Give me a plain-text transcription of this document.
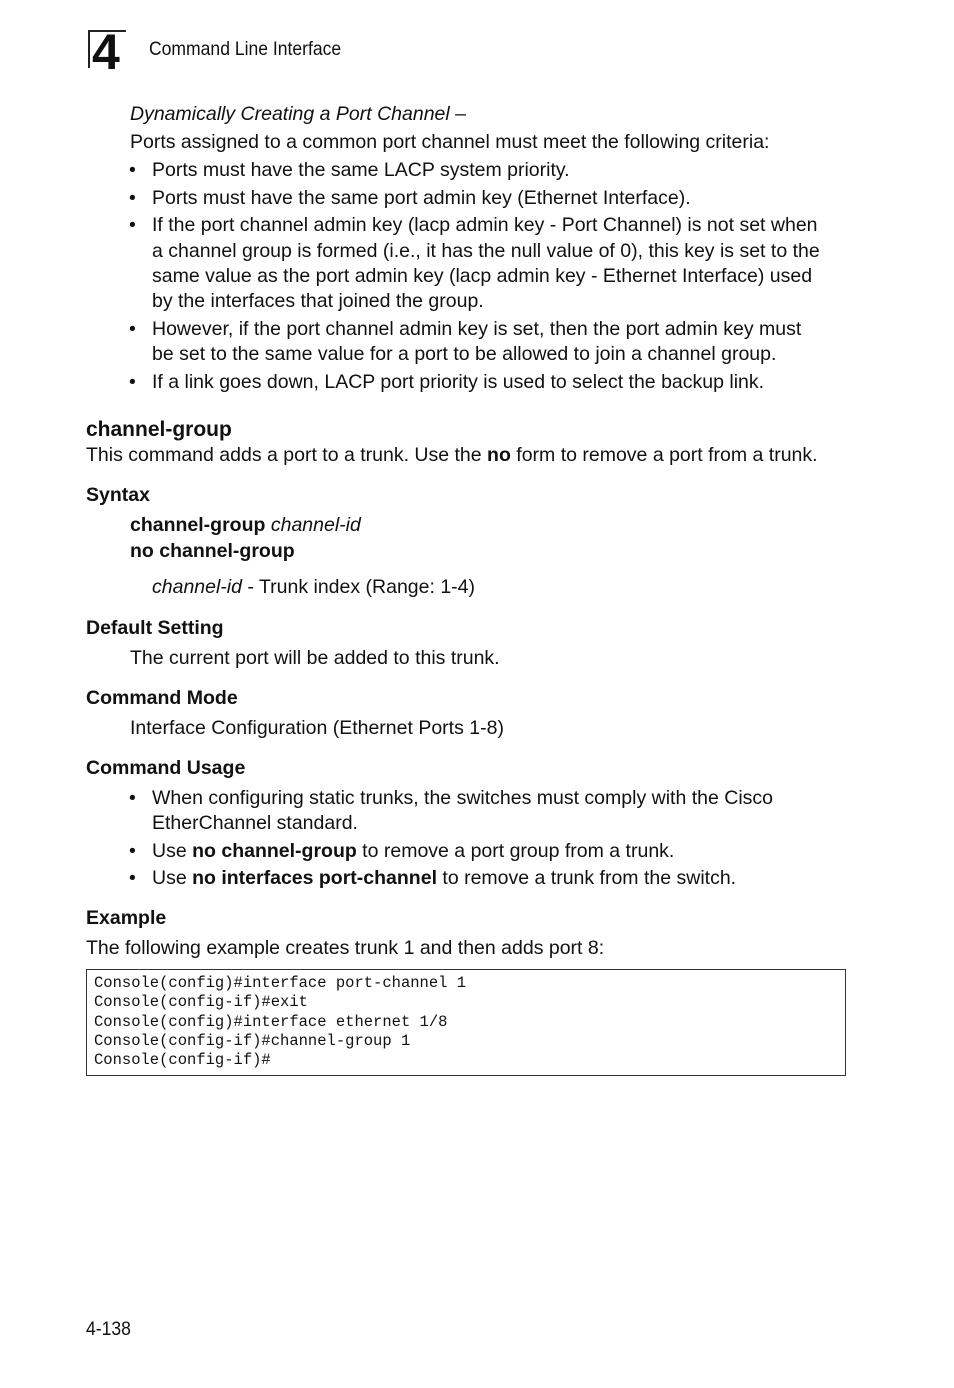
4 Command Line Interface
Dynamically Creating a Port Channel –
Ports assigned to a common port channel must meet the following criteria:
• Ports must have the same LACP system priority.
• Ports must have the same port admin key (Ethernet Interface).
• If the port channel admin key (lacp admin key - Port Channel) is not set when
a channel group is formed (i.e., it has the null value of 0), this key is set to the
same value as the port admin key (lacp admin key - Ethernet Interface) used
by the interfaces that joined the group.
• However, if the port channel admin key is set, then the port admin key must
be set to the same value for a port to be allowed to join a channel group.
• If a link goes down, LACP port priority is used to select the backup link.
channel-group
This command adds a port to a trunk. Use the no form to remove a port from a trunk.
Syntax
channel-group channel-id
no channel-group
channel-id - Trunk index (Range: 1-4)
Default Setting
The current port will be added to this trunk.
Command Mode
Interface Configuration (Ethernet Ports 1-8)
Command Usage
• When configuring static trunks, the switches must comply with the Cisco
EtherChannel standard.
• Use no channel-group to remove a port group from a trunk.
• Use no interfaces port-channel to remove a trunk from the switch.
Example
The following example creates trunk 1 and then adds port 8:
Console(config)#interface port-channel 1
Console(config-if)#exit
Console(config)#interface ethernet 1/8
Console(config-if)#channel-group 1
Console(config-if)#
4-138
